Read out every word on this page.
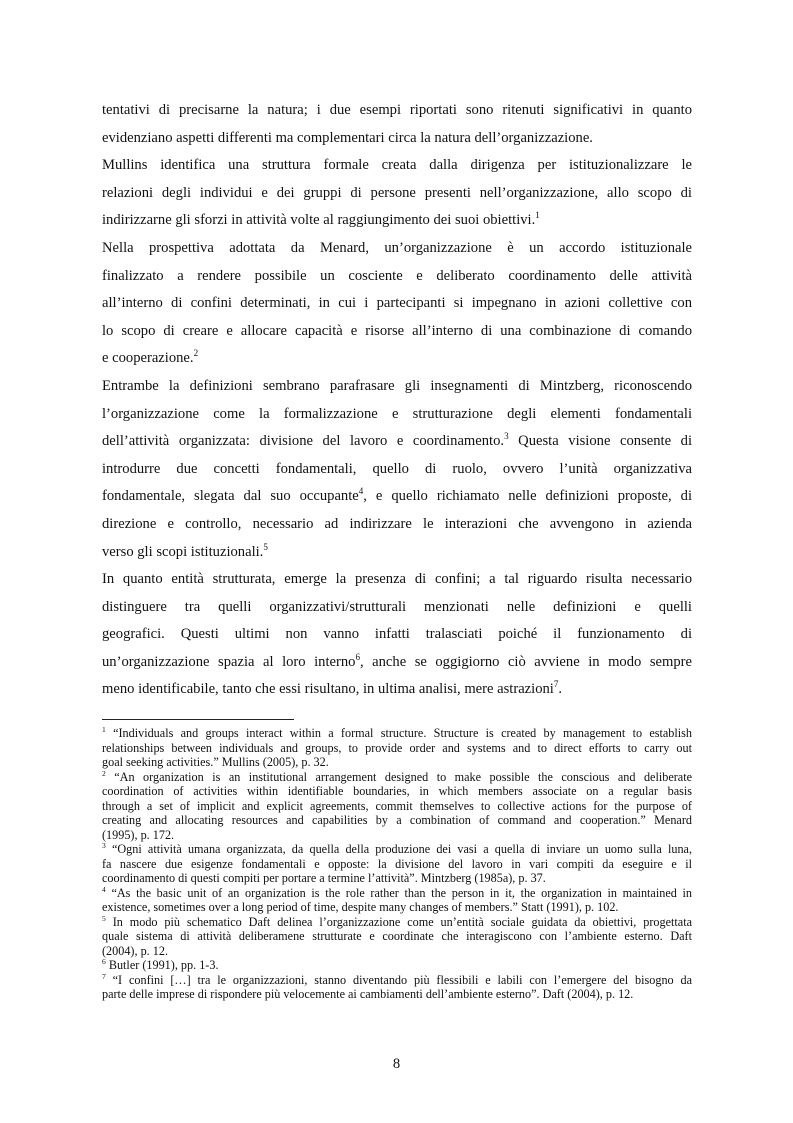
tentativi di precisarne la natura; i due esempi riportati sono ritenuti significativi in quanto
evidenziano aspetti differenti ma complementari circa la natura dell’organizzazione.
Mullins identifica una struttura formale creata dalla dirigenza per istituzionalizzare le
relazioni degli individui e dei gruppi di persone presenti nell’organizzazione, allo scopo di
indirizzarne gli sforzi in attività volte al raggiungimento dei suoi obiettivi.$^1$
Nella prospettiva adottata da Menard, un’organizzazione è un accordo istituzionale
finalizzato a rendere possibile un cosciente e deliberato coordinamento delle attività
all’interno di confini determinati, in cui i partecipanti si impegnano in azioni collettive con
lo scopo di creare e allocare capacità e risorse all’interno di una combinazione di comando
e cooperazione.$^2$
Entrambe la definizioni sembrano parafrasare gli insegnamenti di Mintzberg, riconoscendo
l’organizzazione come la formalizzazione e strutturazione degli elementi fondamentali
dell’attività organizzata: divisione del lavoro e coordinamento.$^3$ Questa visione consente di
introdurre due concetti fondamentali, quello di ruolo, ovvero l’unità organizzativa
fondamentale, slegata dal suo occupante$^4$, e quello richiamato nelle definizioni proposte, di
direzione e controllo, necessario ad indirizzare le interazioni che avvengono in azienda
verso gli scopi istituzionali.$^5$
In quanto entità strutturata, emerge la presenza di confini; a tal riguardo risulta necessario
distinguere tra quelli organizzativi/strutturali menzionati nelle definizioni e quelli
geografici. Questi ultimi non vanno infatti tralasciati poiché il funzionamento di
un’organizzazione spazia al loro interno$^6$, anche se oggigiorno ciò avviene in modo sempre
meno identificabile, tanto che essi risultano, in ultima analisi, mere astrazioni$^7$.
$^1$ “Individuals and groups interact within a formal structure. Structure is created by management to establish
relationships between individuals and groups, to provide order and systems and to direct efforts to carry out
goal seeking activities.” Mullins (2005), p. 32.
$^2$ “An organization is an institutional arrangement designed to make possible the conscious and deliberate
coordination of activities within identifiable boundaries, in which members associate on a regular basis
through a set of implicit and explicit agreements, commit themselves to collective actions for the purpose of
creating and allocating resources and capabilities by a combination of command and cooperation.” Menard
(1995), p. 172.
$^3$ “Ogni attività umana organizzata, da quella della produzione dei vasi a quella di inviare un uomo sulla luna,
fa nascere due esigenze fondamentali e opposte: la divisione del lavoro in vari compiti da eseguire e il
coordinamento di questi compiti per portare a termine l’attività”. Mintzberg (1985a), p. 37.
$^4$ “As the basic unit of an organization is the role rather than the person in it, the organization in maintained in
existence, sometimes over a long period of time, despite many changes of members.” Statt (1991), p. 102.
$^5$ In modo più schematico Daft delinea l’organizzazione come un’entità sociale guidata da obiettivi, progettata
quale sistema di attività deliberamene strutturate e coordinate che interagiscono con l’ambiente esterno. Daft
(2004), p. 12.
$^6$ Butler (1991), pp. 1-3.
$^7$ “I confini […] tra le organizzazioni, stanno diventando più flessibili e labili con l’emergere del bisogno da
parte delle imprese di rispondere più velocemente ai cambiamenti dell’ambiente esterno”. Daft (2004), p. 12.
8
